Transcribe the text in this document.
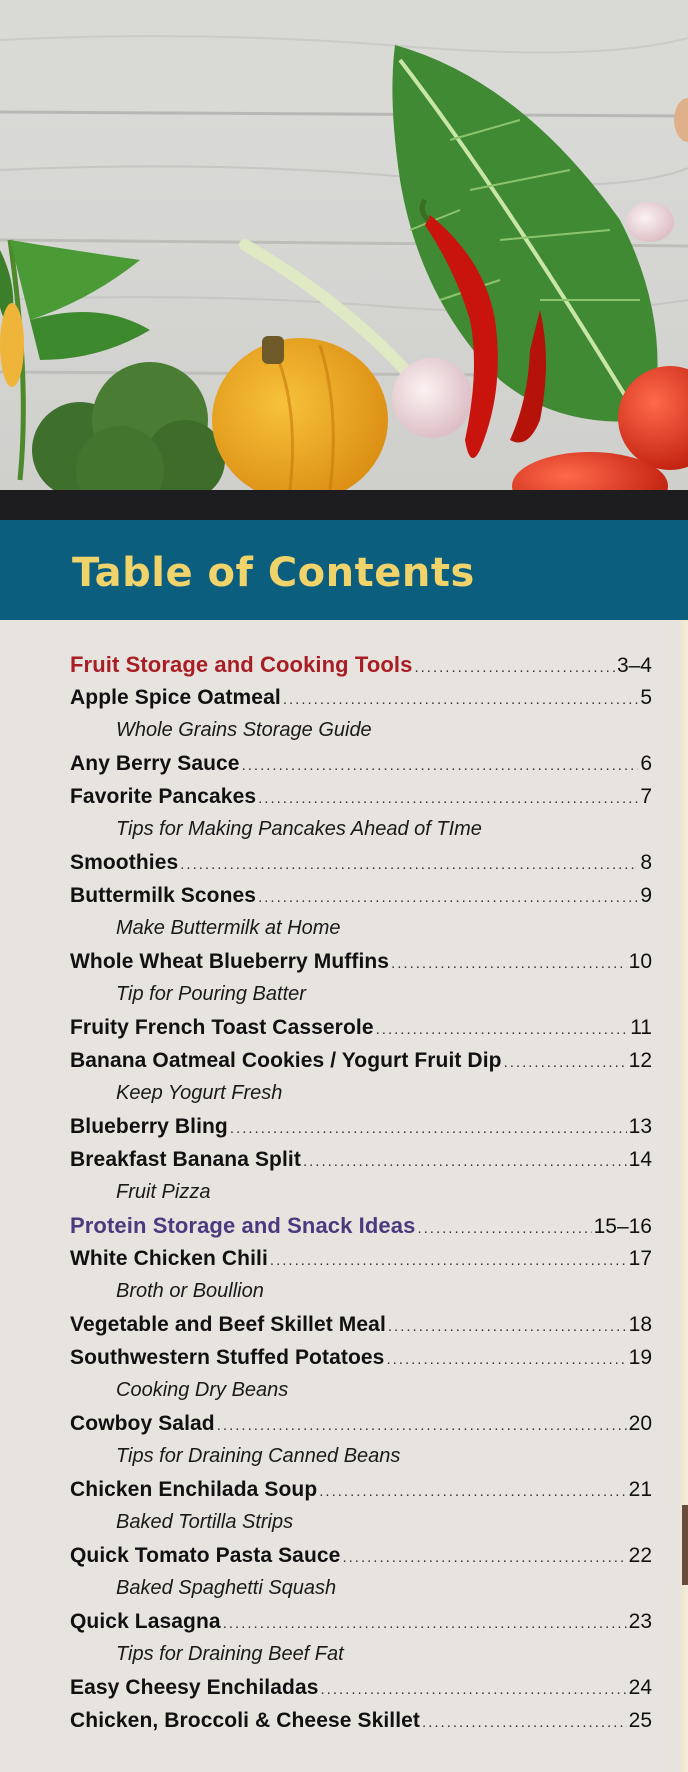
Table of Contents
Fruit Storage and Cooking Tools .....	3–4
Apple Spice Oatmeal .....	5
Whole Grains Storage Guide
Any Berry Sauce .....	6
Favorite Pancakes .....	7
Tips for Making Pancakes Ahead of TIme
Smoothies .....	8
Buttermilk Scones .....	9
Make Buttermilk at Home
Whole Wheat Blueberry Muffins .....	10
Tip for Pouring Batter
Fruity French Toast Casserole .....	11
Banana Oatmeal Cookies / Yogurt Fruit Dip .....	12
Keep Yogurt Fresh
Blueberry Bling .....	13
Breakfast Banana Split .....	14
Fruit Pizza
Protein Storage and Snack Ideas .....	15–16
White Chicken Chili .....	17
Broth or Boullion
Vegetable and Beef Skillet Meal .....	18
Southwestern Stuffed Potatoes .....	19
Cooking Dry Beans
Cowboy Salad .....	20
Tips for Draining Canned Beans
Chicken Enchilada Soup .....	21
Baked Tortilla Strips
Quick Tomato Pasta Sauce .....	22
Baked Spaghetti Squash
Quick Lasagna .....	23
Tips for Draining Beef Fat
Easy Cheesy Enchiladas .....	24
Chicken, Broccoli & Cheese Skillet .....	25
